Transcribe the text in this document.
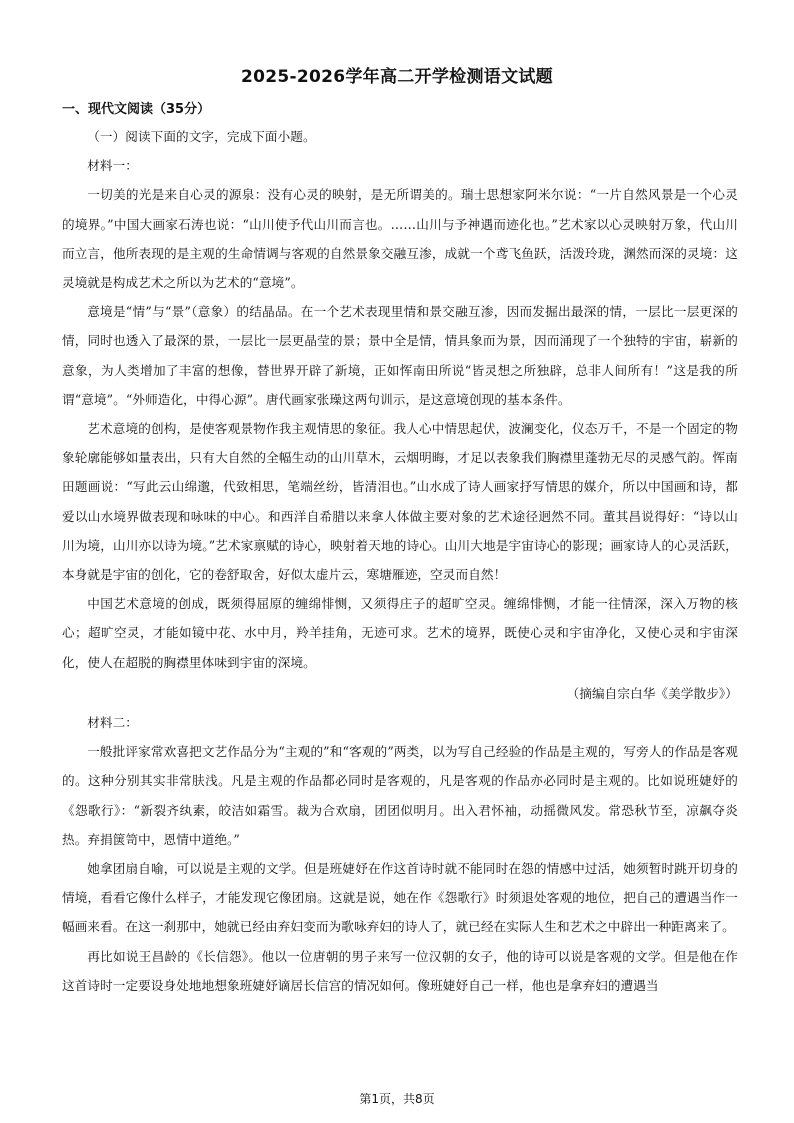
2025-2026学年高二开学检测语文试题
一、现代文阅读（35分）

（一）阅读下面的文字，完成下面小题。

材料一：

一切美的光是来自心灵的源泉：没有心灵的映射，是无所谓美的。瑞士思想家阿米尔说：“一片自然风景是一个心灵的境界。”中国大画家石涛也说：“山川使予代山川而言也。……山川与予神遇而迹化也。”艺术家以心灵映射万象，代山川而立言，他所表现的是主观的生命情调与客观的自然景象交融互渗，成就一个鸢飞鱼跃，活泼玲珑，渊然而深的灵境：这灵境就是构成艺术之所以为艺术的“意境”。

意境是“情”与“景”（意象）的结晶品。在一个艺术表现里情和景交融互渗，因而发掘出最深的情，一层比一层更深的情，同时也透入了最深的景，一层比一层更晶莹的景；景中全是情，情具象而为景，因而涌现了一个独特的宇宙，崭新的意象，为人类增加了丰富的想像，替世界开辟了新境，正如恽南田所说“皆灵想之所独辟，总非人间所有！”这是我的所谓“意境”。“外师造化，中得心源”。唐代画家张璪这两句训示，是这意境创现的基本条件。

艺术意境的创构，是使客观景物作我主观情思的象征。我人心中情思起伏，波澜变化，仪态万千，不是一个固定的物象轮廓能够如量表出，只有大自然的全幅生动的山川草木，云烟明晦，才足以表象我们胸襟里蓬勃无尽的灵感气韵。恽南田题画说：“写此云山绵邈，代致相思，笔端丝纷，皆清泪也。”山水成了诗人画家抒写情思的媒介，所以中国画和诗，都爱以山水境界做表现和咏味的中心。和西洋自希腊以来拿人体做主要对象的艺术途径迥然不同。董其昌说得好：“诗以山川为境，山川亦以诗为境。”艺术家禀赋的诗心，映射着天地的诗心。山川大地是宇宙诗心的影现；画家诗人的心灵活跃，本身就是宇宙的创化，它的卷舒取舍，好似太虚片云，寒塘雁迹，空灵而自然！

中国艺术意境的创成，既须得屈原的缠绵悱恻，又须得庄子的超旷空灵。缠绵悱恻，才能一往情深，深入万物的核心；超旷空灵，才能如镜中花、水中月，羚羊挂角，无迹可求。艺术的境界，既使心灵和宇宙净化，又使心灵和宇宙深化，使人在超脱的胸襟里体味到宇宙的深境。

（摘编自宗白华《美学散步》）

材料二：

一般批评家常欢喜把文艺作品分为“主观的”和“客观的”两类，以为写自己经验的作品是主观的，写旁人的作品是客观的。这种分别其实非常肤浅。凡是主观的作品都必同时是客观的，凡是客观的作品亦必同时是主观的。比如说班婕妤的《怨歌行》：“新裂齐纨素，皎洁如霜雪。裁为合欢扇，团团似明月。出入君怀袖，动摇微风发。常恐秋节至，凉飙夺炎热。弃捐箧笥中，恩情中道绝。”

她拿团扇自喻，可以说是主观的文学。但是班婕妤在作这首诗时就不能同时在怨的情感中过活，她须暂时跳开切身的情境，看看它像什么样子，才能发现它像团扇。这就是说，她在作《怨歌行》时须退处客观的地位，把自己的遭遇当作一幅画来看。在这一刹那中，她就已经由弃妇变而为歌咏弃妇的诗人了，就已经在实际人生和艺术之中辟出一种距离来了。

再比如说王昌龄的《长信怨》。他以一位唐朝的男子来写一位汉朝的女子，他的诗可以说是客观的文学。但是他在作这首诗时一定要设身处地地想象班婕妤谪居长信宫的情况如何。像班婕妤自己一样，他也是拿弃妇的遭遇当

第1页，共8页
